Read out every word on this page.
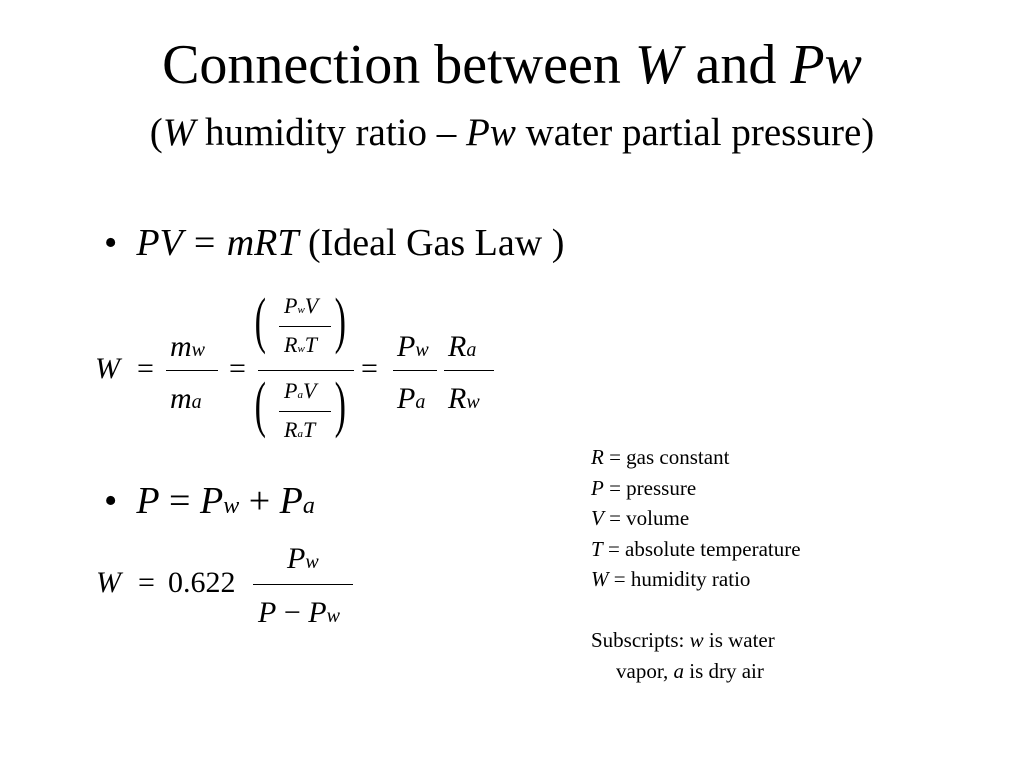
Connection between W and Pw
(W humidity ratio – Pw water partial pressure)
•  PV = mRT (Ideal Gas Law )
W =
mw
ma
=
( )
PwV
RwT
( )
PaV
RaT
=
Pw
Pa
Ra
Rw
•  P = Pw + Pa
W = 0.622
Pw
P − Pw
R = gas constant
P = pressure
V = volume
T = absolute temperature
W = humidity ratio
Subscripts: w is water
vapor, a is dry air
